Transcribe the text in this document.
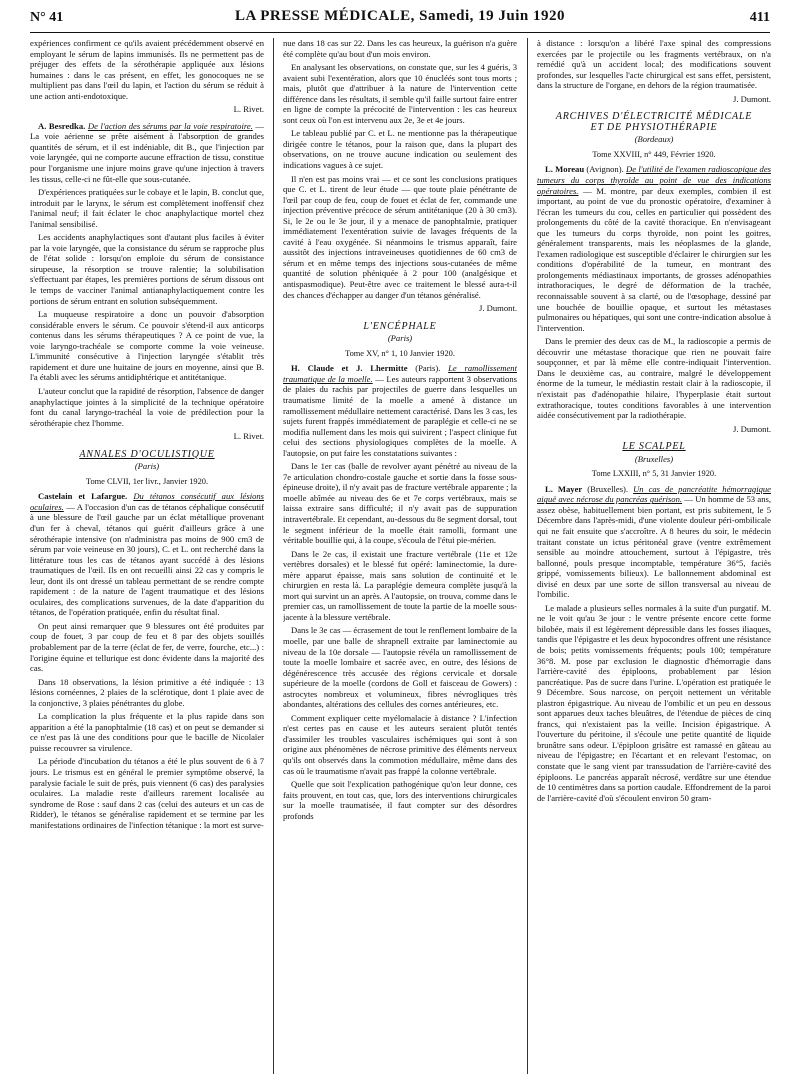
N° 41	LA PRESSE MÉDICALE, Samedi, 19 Juin 1920	411

expériences confirment ce qu'ils avaient précédemment observé en employant le sérum de lapins immunisés. Ils ne permettent pas de préjuger des effets de la sérothérapie appliquée aux lésions humaines : dans le cas présent, en effet, les gonocoques ne se multiplient pas dans l'œil du lapin, et l'action du sérum se réduit à une action anti-endotoxique.

L. Rivet.

A. Besredka. De l'action des sérums par la voie respiratoire. — La voie aérienne se prête aisément à l'absorption de grandes quantités de sérum, et il est indéniable, dit B., que l'injection par voie laryngée, qui ne comporte aucune effraction de tissu, constitue pour l'organisme une injure moins grave qu'une injection à travers les tissus, celle-ci ne fût-elle que sous-cutanée.

D'expériences pratiquées sur le cobaye et le lapin, B. conclut que, introduit par le larynx, le sérum est complètement inoffensif chez l'animal neuf; il fait éclater le choc anaphylactique mortel chez l'animal sensibilisé.

Les accidents anaphylactiques sont d'autant plus faciles à éviter par la voie laryngée, que la consistance du sérum se rapproche plus de l'état solide : lorsqu'on emploie du sérum de consistance sirupeuse, la résorption se trouve ralentie; la solubilisation s'effectuant par étapes, les premières portions de sérum dissous ont le temps de vacciner l'animal antianaphylactiquement contre les portions de sérum entrant en solution subséquemment.

La muqueuse respiratoire a donc un pouvoir d'absorption considérable envers le sérum. Ce pouvoir s'étend-il aux anticorps contenus dans les sérums thérapeutiques ? A ce point de vue, la voie laryngo-trachéale se comporte comme la voie veineuse. L'immunité consécutive à l'injection laryngée s'établit très rapidement et dure une huitaine de jours en moyenne, ainsi que B. l'a établi avec les sérums antidiphtérique et antitétanique.

L'auteur conclut que la rapidité de résorption, l'absence de danger anaphylactique jointes à la simplicité de la technique opératoire font du canal laryngo-trachéal la voie de prédilection pour la sérothérapie chez l'homme.

L. Rivet.
ANNALES D'OCULISTIQUE
(Paris)
Tome CLVII, 1er livr., Janvier 1920.

Castelain et Lafargue. Du tétanos consécutif aux lésions oculaires. — A l'occasion d'un cas de tétanos céphalique consécutif à une blessure de l'œil gauche par un éclat métallique provenant d'un fer à cheval, tétanos qui guérit d'ailleurs grâce à une sérothérapie intensive (on n'administra pas moins de 900 cm3 de sérum par voie veineuse en 30 jours), C. et L. ont recherché dans la littérature tous les cas de tétanos ayant succédé à des lésions traumatiques de l'œil. Ils en ont recueilli ainsi 22 cas y compris le leur, dont ils ont dressé un tableau permettant de se rendre compte rapidement : de la nature de l'agent traumatique et des lésions oculaires, des complications survenues, de la date d'apparition du tétanos, de l'opération pratiquée, enfin du résultat final.

On peut ainsi remarquer que 9 blessures ont été produites par coup de fouet, 3 par coup de feu et 8 par des objets souillés probablement par de la terre (éclat de fer, de verre, fourche, etc...) : l'origine équine et tellurique est donc évidente dans la majorité des cas.

Dans 18 observations, la lésion primitive a été indiquée : 13 lésions cornéennes, 2 plaies de la sclérotique, dont 1 plaie avec de la conjonctive, 3 plaies pénétrantes du globe.

La complication la plus fréquente et la plus rapide dans son apparition a été la panophtalmie (18 cas) et on peut se demander si ce n'est pas là une des conditions pour que le bacille de Nicolaïer puisse recouvrer sa virulence.

La période d'incubation du tétanos a été le plus souvent de 6 à 7 jours. Le trismus est en général le premier symptôme observé, la paralysie faciale le suit de près, puis viennent (6 cas) des paralysies oculaires. La maladie reste d'ailleurs rarement localisée au syndrome de Rose : sauf dans 2 cas (celui des auteurs et un cas de Ridder), le tétanos se généralise rapidement et se termine par les manifestations ordinaires de l'infection tétanique : la mort est surve-

nue dans 18 cas sur 22. Dans les cas heureux, la guérison n'a guère été complète qu'au bout d'un mois environ.

En analysant les observations, on constate que, sur les 4 guéris, 3 avaient subi l'exentération, alors que 10 énucléés sont tous morts ; mais, plutôt que d'attribuer à la nature de l'intervention cette différence dans les résultats, il semble qu'il faille surtout faire entrer en ligne de compte la précocité de l'intervention : les cas heureux sont ceux où l'on est intervenu aux 2e, 3e et 4e jours.

Le tableau publié par C. et L. ne mentionne pas la thérapeutique dirigée contre le tétanos, pour la raison que, dans la plupart des observations, on ne trouve aucune indication ou seulement des indications vagues à ce sujet.

Il n'en est pas moins vrai — et ce sont les conclusions pratiques que C. et L. tirent de leur étude — que toute plaie pénétrante de l'œil par coup de feu, coup de fouet et éclat de fer, commande une injection préventive précoce de sérum antitétanique (20 à 30 cm3). Si, le 2e ou le 3e jour, il y a menace de panophtalmie, pratiquer immédiatement l'exentération suivie de lavages fréquents de la cavité à l'eau oxygénée. Si néanmoins le trismus apparaît, faire aussitôt des injections intraveineuses quotidiennes de 60 cm3 de sérum et en même temps des injections sous-cutanées de même quantité de solution phéniquée à 2 pour 100 (analgésique et antispasmodique). Peut-être avec ce traitement le blessé aura-t-il des chances d'échapper au danger d'un tétanos généralisé.

J. Dumont.
L'ENCÉPHALE
(Paris)
Tome XV, n° 1, 10 Janvier 1920.

H. Claude et J. Lhermitte (Paris). Le ramollissement traumatique de la moelle. — Les auteurs rapportent 3 observations de plaies du rachis par projectiles de guerre dans lesquelles un traumatisme limité de la moelle a amené à distance un ramollissement médullaire nettement caractérisé. Dans les 3 cas, les sujets furent frappés immédiatement de paraplégie et celle-ci ne se modifia nullement dans les mois qui suivirent ; l'aspect clinique fut celui des sections physiologiques complètes de la moelle. A l'autopsie, on put faire les constatations suivantes :

Dans le 1er cas (balle de revolver ayant pénétré au niveau de la 7e articulation chondro-costale gauche et sortie dans la fosse sous-épineuse droite), il n'y avait pas de fracture vertébrale apparente ; la moelle abîmée au niveau des 6e et 7e corps vertébraux, mais se laissa extraire sans difficulté; il n'y avait pas de suppuration intravertébrale. Et cependant, au-dessous du 8e segment dorsal, tout le segment inférieur de la moelle était ramolli, formant une véritable bouillie qui, à la coupe, s'écoula de l'étui pie-mérien.

Dans le 2e cas, il existait une fracture vertébrale (11e et 12e vertèbres dorsales) et le blessé fut opéré: laminectomie, la dure-mère apparut épaisse, mais sans solution de continuité et le chirurgien en resta là. La paraplégie demeura complète jusqu'à la mort qui survint un an après. A l'autopsie, on trouva, comme dans le premier cas, un ramollissement de toute la partie de la moelle sous-jacente à la blessure vertébrale.

Dans le 3e cas — écrasement de tout le renflement lombaire de la moelle, par une balle de shrapnell extraite par laminectomie au niveau de la 10e dorsale — l'autopsie révéla un ramollissement de toute la moelle lombaire et sacrée avec, en outre, des lésions de dégénérescence très accusée des régions cervicale et dorsale supérieure de la moelle (cordons de Goll et faisceau de Gowers) : astrocytes nombreux et volumineux, fibres névrogliques très abondantes, altérations des cellules des cornes antérieures, etc.

Comment expliquer cette myélomalacie à distance ? L'infection n'est certes pas en cause et les auteurs seraient plutôt tentés d'assimiler les troubles vasculaires ischémiques qui sont à son origine aux phénomènes de nécrose primitive des éléments nerveux qu'ils ont observés dans la commotion médullaire, même dans des cas où le traumatisme n'avait pas frappé la colonne vertébrale.

Quelle que soit l'explication pathogénique qu'on leur donne, ces faits prouvent, en tout cas, que, lors des interventions chirurgicales sur la moelle traumatisée, il faut compter sur des désordres profonds

à distance : lorsqu'on a libéré l'axe spinal des compressions exercées par le projectile ou les fragments vertébraux, on n'a remédié qu'à un accident local; des modifications souvent profondes, sur lesquelles l'acte chirurgical est sans effet, persistent, dans la structure de l'organe, en dehors de la région traumatisée.

J. Dumont.
ARCHIVES D'ÉLECTRICITÉ MÉDICALE
ET DE PHYSIOTHÉRAPIE
(Bordeaux)
Tome XXVIII, n° 449, Février 1920.

L. Moreau (Avignon). De l'utilité de l'examen radioscopique des tumeurs du corps thyroïde au point de vue des indications opératoires. — M. montre, par deux exemples, combien il est important, au point de vue du pronostic opératoire, d'examiner à l'écran les tumeurs du cou, celles en particulier qui possèdent des prolongements du côté de la cavité thoracique. En n'envisageant que les tumeurs du corps thyroïde, non point les goitres, généralement transparents, mais les néoplasmes de la glande, l'examen radiologique est susceptible d'éclairer le chirurgien sur les conditions d'opérabilité de la tumeur, en montrant des prolongements médiastinaux importants, de grosses adénopathies intrathoraciques, le degré de déformation de la trachée, reconnaissable souvent à sa clarté, ou de l'œsophage, dessiné par une bouchée de bouillie opaque, et surtout les métastases pulmonaires ou hépatiques, qui sont une contre-indication absolue à l'intervention.

Dans le premier des deux cas de M., la radioscopie a permis de découvrir une métastase thoracique que rien ne pouvait faire soupçonner, et par là même elle contre-indiquait l'intervention. Dans le deuxième cas, au contraire, malgré le développement énorme de la tumeur, le médiastin restait clair à la radioscopie, il n'existait pas d'adénopathie hilaire, l'hyperplasie était surtout extrathoracique, toutes conditions favorables à une intervention aidée consécutivement par la radiothérapie.

J. Dumont.
LE SCALPEL
(Bruxelles)
Tome LXXIII, n° 5, 31 Janvier 1920.

L. Mayer (Bruxelles). Un cas de pancréatite hémorragique aiguë avec nécrose du pancréas guérison. — Un homme de 53 ans, assez obèse, habituellement bien portant, est pris subitement, le 5 Décembre dans l'après-midi, d'une violente douleur péri-ombilicale qui ne fait ensuite que s'accroître. A 8 heures du soir, le médecin traitant constate un ictus péritonéal grave (ventre extrêmement sensible au moindre attouchement, surtout à l'épigastre, très ballonné, pouls presque incomptable, température 36°5, faciès grippé, vomissements bilieux). Le ballonnement abdominal est divisé en deux par une sorte de sillon transversal au niveau de l'ombilic.

Le malade a plusieurs selles normales à la suite d'un purgatif. M. ne le voit qu'au 3e jour : le ventre présente encore cette forme bilobée, mais il est légèrement dépressible dans les fosses iliaques, tandis que l'épigastre et les deux hypocondres offrent une résistance de bois; petits vomissements fréquents; pouls 100; température 36°8. M. pose par exclusion le diagnostic d'hémorragie dans l'arrière-cavité des épiploons, probablement par lésion pancréatique. Pas de sucre dans l'urine. L'opération est pratiquée le 9 Décembre. Sous narcose, on perçoit nettement un véritable plastron épigastrique. Au niveau de l'ombilic et un peu en dessous sont apparues deux taches bleuâtres, de l'étendue de pièces de cinq francs, qui n'existaient pas la veille. Incision épigastrique. A l'ouverture du péritoine, il s'écoule une petite quantité de liquide brunâtre sans odeur. L'épiploon grisâtre est ramassé en gâteau au niveau de l'épigastre; en l'écartant et en relevant l'estomac, on constate que le sang vient par transsudation de l'arrière-cavité des épiploons. Le pancréas apparaît nécrosé, verdâtre sur une étendue de 10 centimètres dans sa portion caudale. Effondrement de la paroi de l'arrière-cavité d'où s'écoulent environ 50 gram-
